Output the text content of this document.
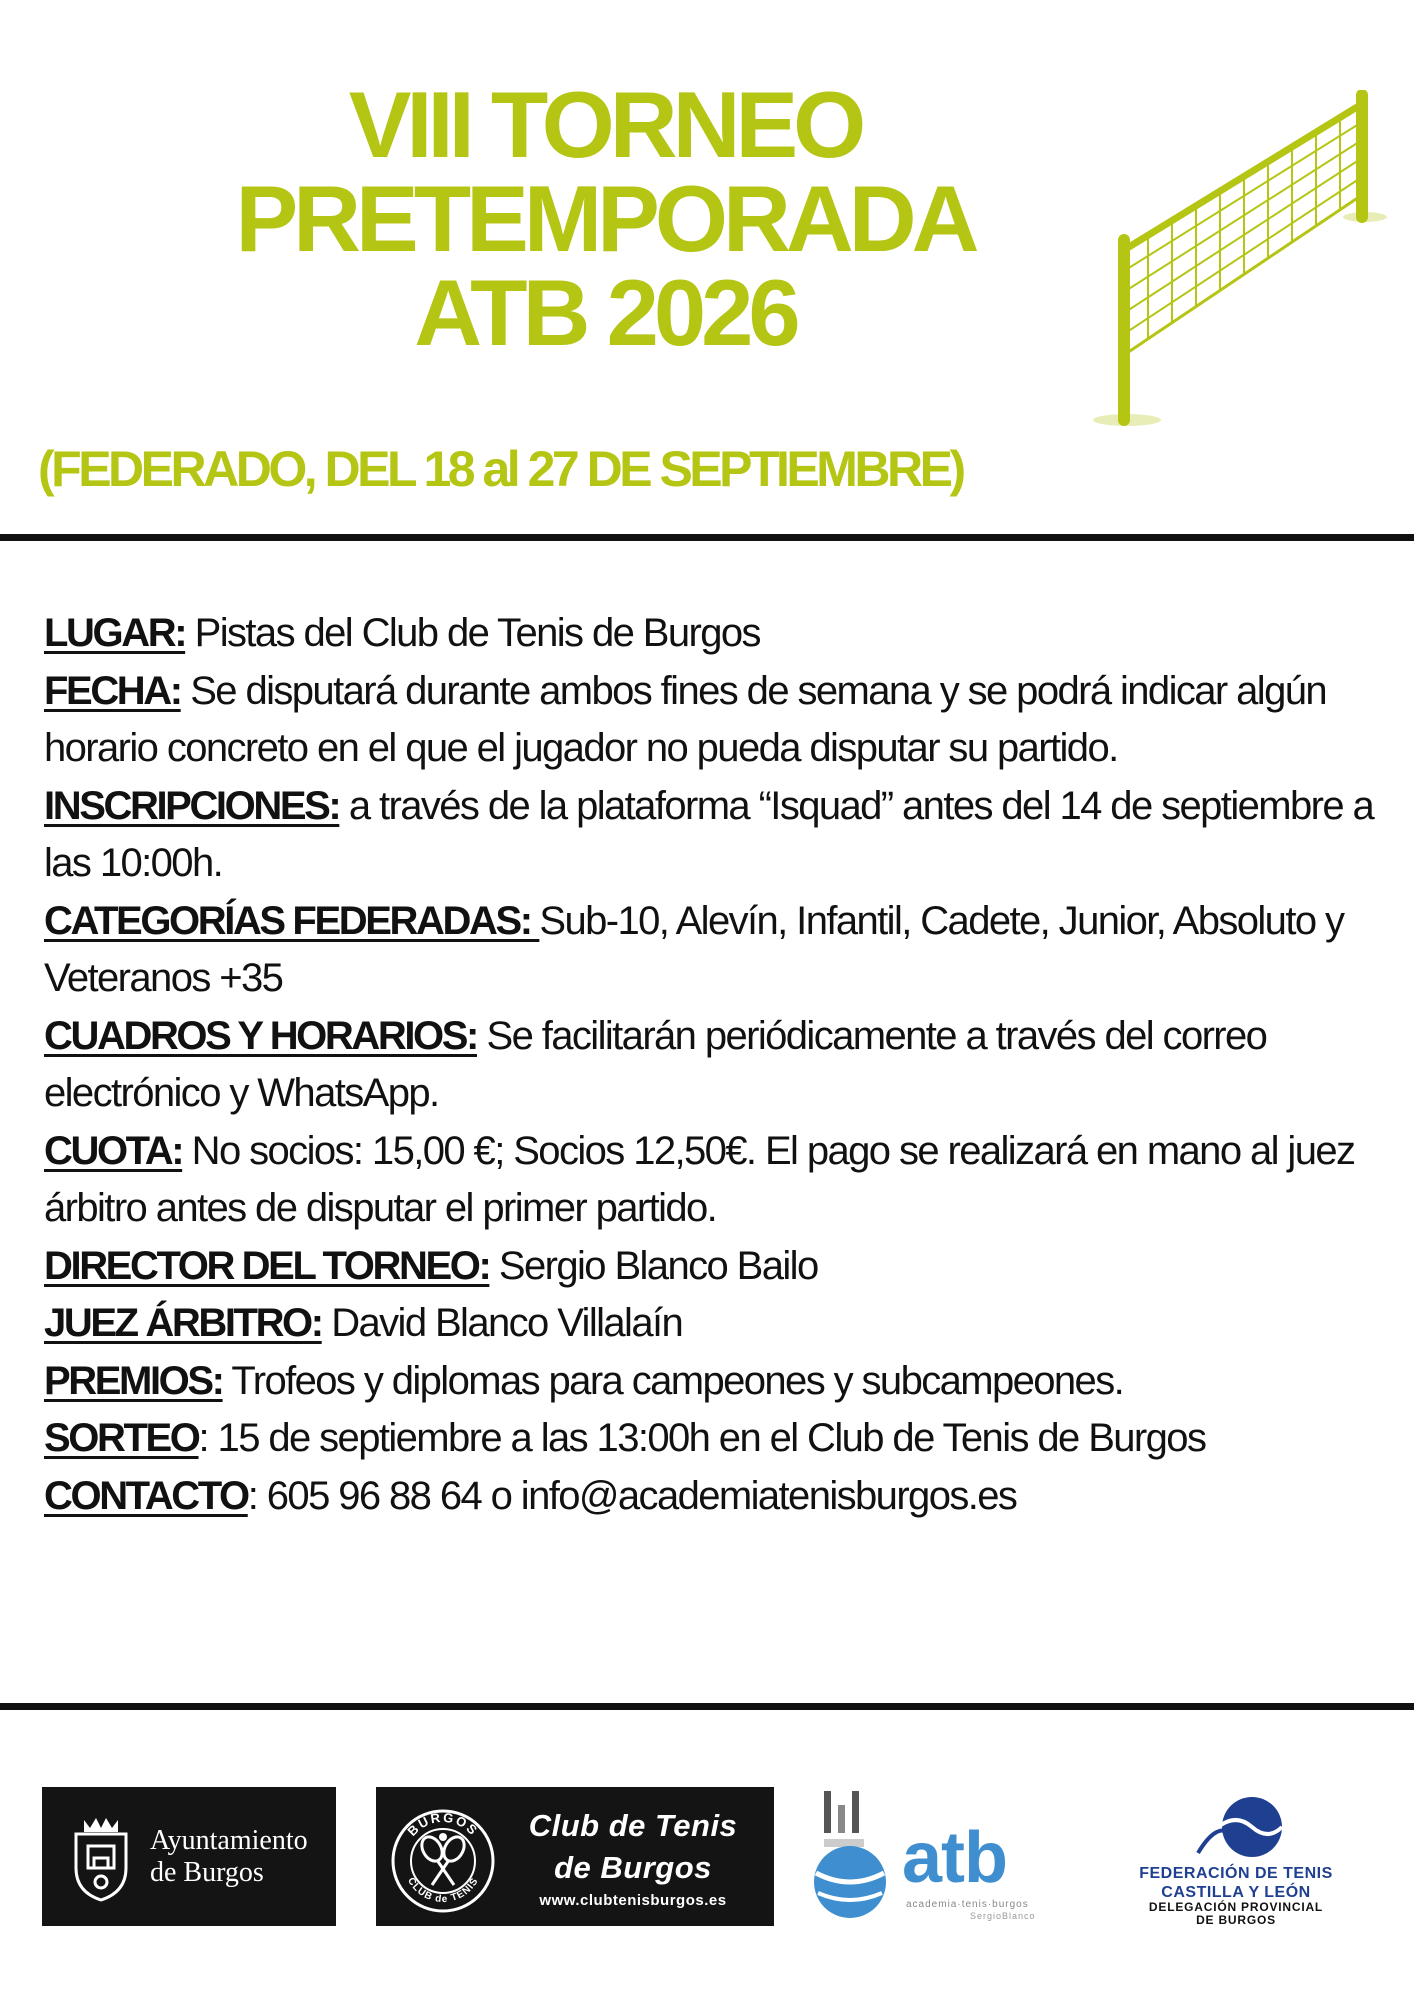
VIII TORNEO
PRETEMPORADA
ATB 2026

(FEDERADO, DEL 18 al 27 DE SEPTIEMBRE)

LUGAR: Pistas del Club de Tenis de Burgos
FECHA: Se disputará durante ambos fines de semana y se podrá indicar algún horario concreto en el que el jugador no pueda disputar su partido.
INSCRIPCIONES: a través de la plataforma “Isquad” antes del 14 de septiembre a las 10:00h.
CATEGORÍAS FEDERADAS: Sub-10, Alevín, Infantil, Cadete, Junior, Absoluto y Veteranos +35
CUADROS Y HORARIOS: Se facilitarán periódicamente a través del correo electrónico y WhatsApp.
CUOTA: No socios: 15,00 €; Socios 12,50€. El pago se realizará en mano al juez árbitro antes de disputar el primer partido.
DIRECTOR DEL TORNEO: Sergio Blanco Bailo
JUEZ ÁRBITRO: David Blanco Villalaín
PREMIOS: Trofeos y diplomas para campeones y subcampeones.
SORTEO: 15 de septiembre a las 13:00h en el Club de Tenis de Burgos
CONTACTO: 605 96 88 64 o info@academiatenisburgos.es
Ayuntamiento
de Burgos
BURGOS
CLUB de TENIS
Club de Tenis
de Burgos
www.clubtenisburgos.es
atb
academia·tenis·burgos
SergioBlanco
FEDERACIÓN DE TENIS
CASTILLA Y LEÓN
DELEGACIÓN PROVINCIAL
DE BURGOS
